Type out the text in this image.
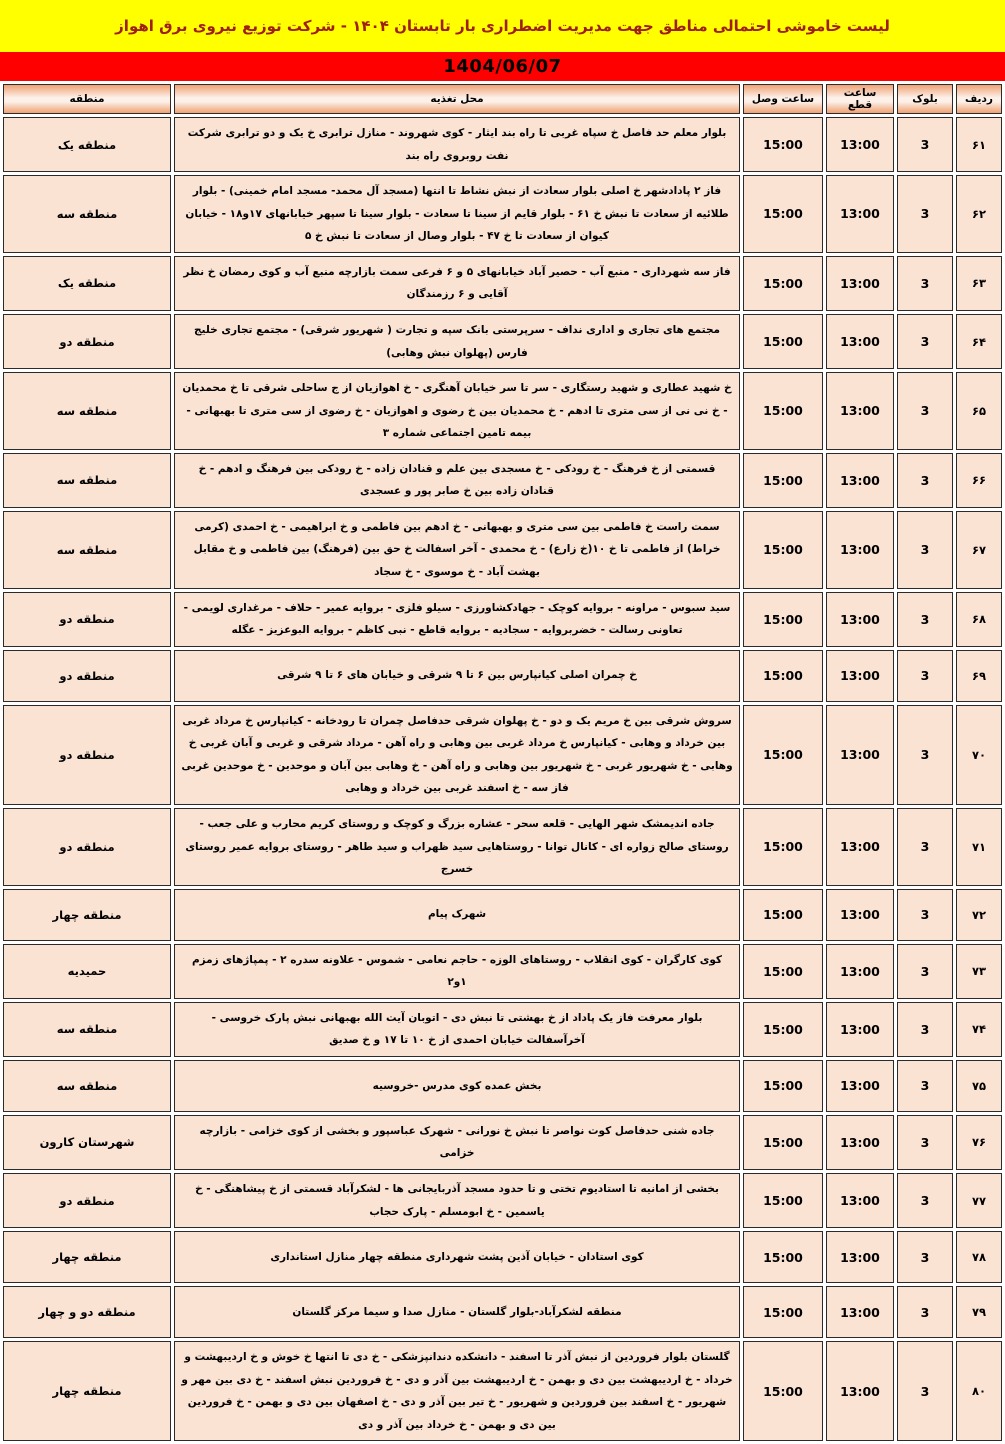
لیست خاموشی احتمالی مناطق جهت مدیریت اضطراری بار تابستان ۱۴۰۴ - شرکت توزیع نیروی برق اهواز
1404/06/07
ردیف	بلوک	ساعت قطع	ساعت وصل	محل تغذیه	منطقه
۶۱	3	13:00	15:00	بلوار معلم حد فاصل خ سپاه غربی تا راه بند ایثار - کوی شهروند - منازل ترابری خ یک و دو ترابری شرکت نفت روبروی راه بند	منطقه یک
۶۲	3	13:00	15:00	فاز ۲ پادادشهر خ اصلی بلوار سعادت از نبش نشاط تا انتها (مسجد آل محمد- مسجد امام خمینی) - بلوار طلائیه از سعادت تا نبش خ ۶۱ - بلوار قایم از سینا تا سعادت - بلوار سینا تا سپهر خیابانهای ۱۷و۱۸ - خیابان کیوان از سعادت تا خ ۴۷ - بلوار وصال از سعادت تا نبش خ ۵	منطقه سه
۶۳	3	13:00	15:00	فاز سه شهرداری - منبع آب - حصیر آباد خیابانهای ۵ و ۶ فرعی سمت بازارچه منبع آب و کوی رمضان خ نظر آقایی و ۶ رزمندگان	منطقه یک
۶۴	3	13:00	15:00	مجتمع های تجاری و اداری نداف - سرپرستی بانک سپه و تجارت ( شهریور شرقی) - مجتمع تجاری خلیج فارس (پهلوان نبش وهابی)	منطقه دو
۶۵	3	13:00	15:00	خ شهید عطاری و شهید رستگاری - سر تا سر خیابان آهنگری - خ اهوازیان از ج ساحلی شرقی تا خ محمدیان - خ نی نی از سی متری تا ادهم - خ محمدیان بین خ رضوی و اهوازیان - خ رضوی از سی متری تا بهبهانی - بیمه تامین اجتماعی شماره ۳	منطقه سه
۶۶	3	13:00	15:00	قسمتی از خ فرهنگ - خ رودکی - خ مسجدی بین علم و قنادان زاده - خ رودکی بین فرهنگ و ادهم - خ قنادان زاده بین خ صابر پور و عسجدی	منطقه سه
۶۷	3	13:00	15:00	سمت راست خ فاطمی بین سی متری و بهبهانی - خ ادهم بین فاطمی و خ ابراهیمی - خ احمدی (کرمی خراط) از فاطمی تا خ ۱۰(خ زارع) - خ محمدی - آخر اسفالت خ حق بین (فرهنگ) بین فاطمی و خ مقابل بهشت آباد - خ موسوی - خ سجاد	منطقه سه
۶۸	3	13:00	15:00	سید سبوس - مراونه - بروایه کوچک - جهادکشاورزی - سیلو فلزی - بروایه عمیر - حلاف - مرغداری لویمی - تعاونی رسالت - خضربروایه - سجادیه - بروایه قاطع - نبی کاظم - بروایه البوعزیز - عگله	منطقه دو
۶۹	3	13:00	15:00	خ چمران اصلی کیانپارس بین ۶ تا ۹ شرقی و خیابان های ۶ تا ۹ شرقی	منطقه دو
۷۰	3	13:00	15:00	سروش شرقی بین خ مریم یک و دو - خ پهلوان شرقی حدفاصل چمران تا رودخانه - کیانپارس خ مرداد غربی بین خرداد و وهابی - کیانپارس خ مرداد غربی بین وهابی و راه آهن - مرداد شرقی و غربی و آبان غربی خ وهابی - خ شهریور غربی - خ شهریور بین وهابی و راه آهن - خ وهابی بین آبان و موحدین - خ موحدین غربی فاز سه - خ اسفند غربی بین خرداد و وهابی	منطقه دو
۷۱	3	13:00	15:00	جاده اندیمشک شهر الهایی - قلعه سحر - عشاره بزرگ و کوچک و روستای کریم محارب و علی جعب - روستای صالح زواره ای - کانال توانا - روستاهایی سید ظهراب و سید طاهر - روستای بروایه عمیر روستای خسرج	منطقه دو
۷۲	3	13:00	15:00	شهرک پیام	منطقه چهار
۷۳	3	13:00	15:00	کوی کارگران - کوی انقلاب - روستاهای الوزه - حاجم نعامی - شموس - علاونه سدره ۲ - پمپاژهای زمزم ۱و۲	حمیدیه
۷۴	3	13:00	15:00	بلوار معرفت فاز یک پاداد از خ بهشتی تا نبش دی - اتوبان آیت الله بهبهانی نبش پارک خروسی - آخرآسفالت خیابان احمدی از خ ۱۰ تا ۱۷ و خ صدیق	منطقه سه
۷۵	3	13:00	15:00	بخش عمده کوی مدرس -خروسیه	منطقه سه
۷۶	3	13:00	15:00	جاده شنی حدفاصل کوت نواصر تا نبش خ نورانی - شهرک عباسپور و بخشی از کوی خزامی - بازارچه خزامی	شهرستان کارون
۷۷	3	13:00	15:00	بخشی از امانیه تا استادیوم تختی و تا حدود مسجد آذربایجانی ها - لشکرآباد قسمتی از خ پیشاهنگی - خ یاسمین - خ ابومسلم - پارک حجاب	منطقه دو
۷۸	3	13:00	15:00	کوی استادان - خیابان آذین پشت شهرداری منطقه چهار منازل استانداری	منطقه چهار
۷۹	3	13:00	15:00	منطقه لشکرآباد-بلوار گلستان - منازل صدا و سیما مرکز گلستان	منطقه دو و چهار
۸۰	3	13:00	15:00	گلستان بلوار فروردین از نبش آذر تا اسفند - دانشکده دندانپزشکی - خ دی تا انتها خ خوش و خ اردیبهشت و خرداد - خ اردیبهشت بین دی و بهمن - خ اردیبهشت بین آذر و دی - خ فروردین نبش اسفند - خ دی بین مهر و شهریور - خ اسفند بین فروردین و شهریور - خ تیر بین آذر و دی - خ اصفهان بین دی و بهمن - خ فروردین بین دی و بهمن - خ خرداد بین آذر و دی	منطقه چهار
